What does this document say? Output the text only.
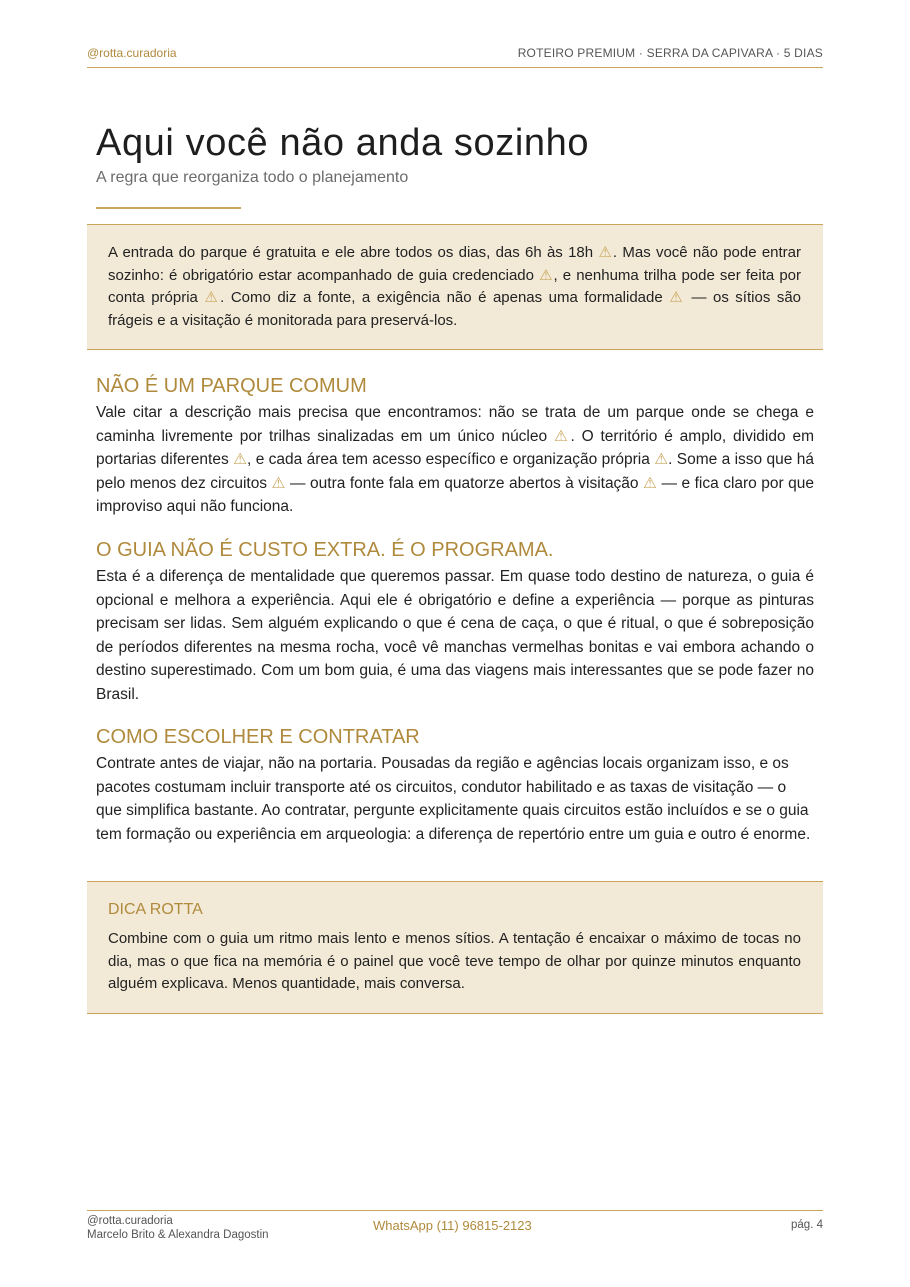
@rotta.curadoria	ROTEIRO PREMIUM · SERRA DA CAPIVARA · 5 DIAS
Aqui você não anda sozinho

A regra que reorganiza todo o planejamento

A entrada do parque é gratuita e ele abre todos os dias, das 6h às 18h ⚠. Mas você não pode entrar sozinho: é obrigatório estar acompanhado de guia credenciado ⚠, e nenhuma trilha pode ser feita por conta própria ⚠. Como diz a fonte, a exigência não é apenas uma formalidade ⚠ — os sítios são frágeis e a visitação é monitorada para preservá-los.

NÃO É UM PARQUE COMUM

Vale citar a descrição mais precisa que encontramos: não se trata de um parque onde se chega e caminha livremente por trilhas sinalizadas em um único núcleo ⚠. O território é amplo, dividido em portarias diferentes ⚠, e cada área tem acesso específico e organização própria ⚠. Some a isso que há pelo menos dez circuitos ⚠ — outra fonte fala em quatorze abertos à visitação ⚠ — e fica claro por que improviso aqui não funciona.

O GUIA NÃO É CUSTO EXTRA. É O PROGRAMA.

Esta é a diferença de mentalidade que queremos passar. Em quase todo destino de natureza, o guia é opcional e melhora a experiência. Aqui ele é obrigatório e define a experiência — porque as pinturas precisam ser lidas. Sem alguém explicando o que é cena de caça, o que é ritual, o que é sobreposição de períodos diferentes na mesma rocha, você vê manchas vermelhas bonitas e vai embora achando o destino superestimado. Com um bom guia, é uma das viagens mais interessantes que se pode fazer no Brasil.

COMO ESCOLHER E CONTRATAR

Contrate antes de viajar, não na portaria. Pousadas da região e agências locais organizam isso, e os pacotes costumam incluir transporte até os circuitos, condutor habilitado e as taxas de visitação — o que simplifica bastante. Ao contratar, pergunte explicitamente quais circuitos estão incluídos e se o guia tem formação ou experiência em arqueologia: a diferença de repertório entre um guia e outro é enorme.

DICA ROTTA

Combine com o guia um ritmo mais lento e menos sítios. A tentação é encaixar o máximo de tocas no dia, mas o que fica na memória é o painel que você teve tempo de olhar por quinze minutos enquanto alguém explicava. Menos quantidade, mais conversa.

@rotta.curadoria
Marcelo Brito & Alexandra Dagostin
WhatsApp (11) 96815-2123	pág. 4
